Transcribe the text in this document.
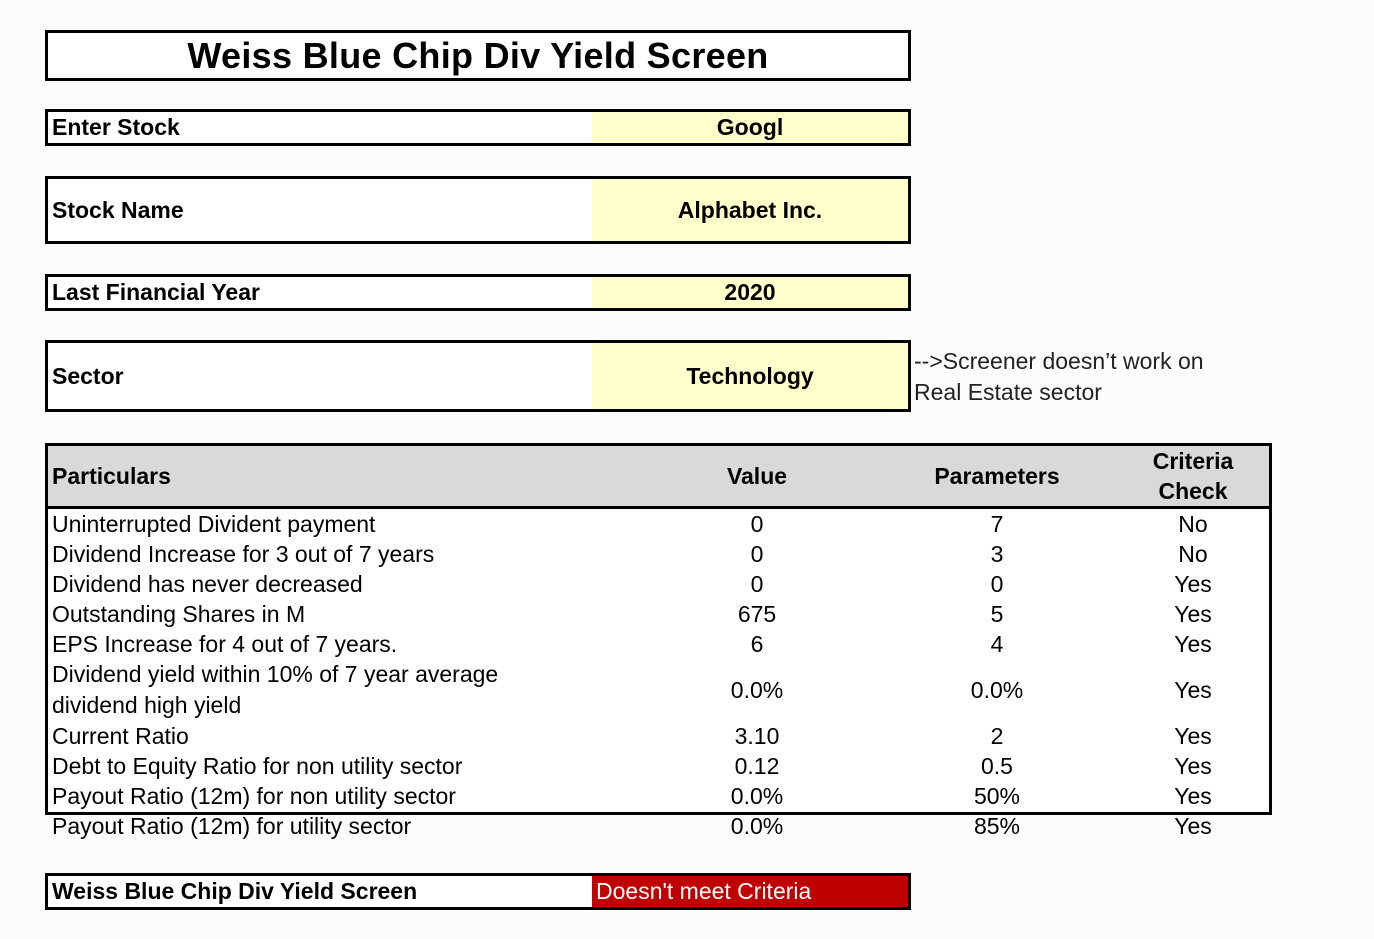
Weiss Blue Chip Div Yield Screen
Enter Stock	Googl
Stock Name	Alphabet Inc.
Last Financial Year	2020
Sector	Technology
-->Screener doesn’t work on
Real Estate sector
Particulars	Value	Parameters	Criteria Check
Uninterrupted Divident payment	0	7	No
Dividend Increase for 3 out of 7 years	0	3	No
Dividend has never decreased	0	0	Yes
Outstanding Shares in M	675	5	Yes
EPS Increase for 4 out of 7 years.	6	4	Yes

Dividend yield within 10% of 7 year average
dividend high yield	0.0%	0.0%	Yes
Current Ratio	3.10	2	Yes
Debt to Equity Ratio for non utility sector	0.12	0.5	Yes
Payout Ratio (12m) for non utility sector	0.0%	50%	Yes
Payout Ratio (12m) for utility sector	0.0%	85%	Yes
Weiss Blue Chip Div Yield Screen	Doesn't meet Criteria
